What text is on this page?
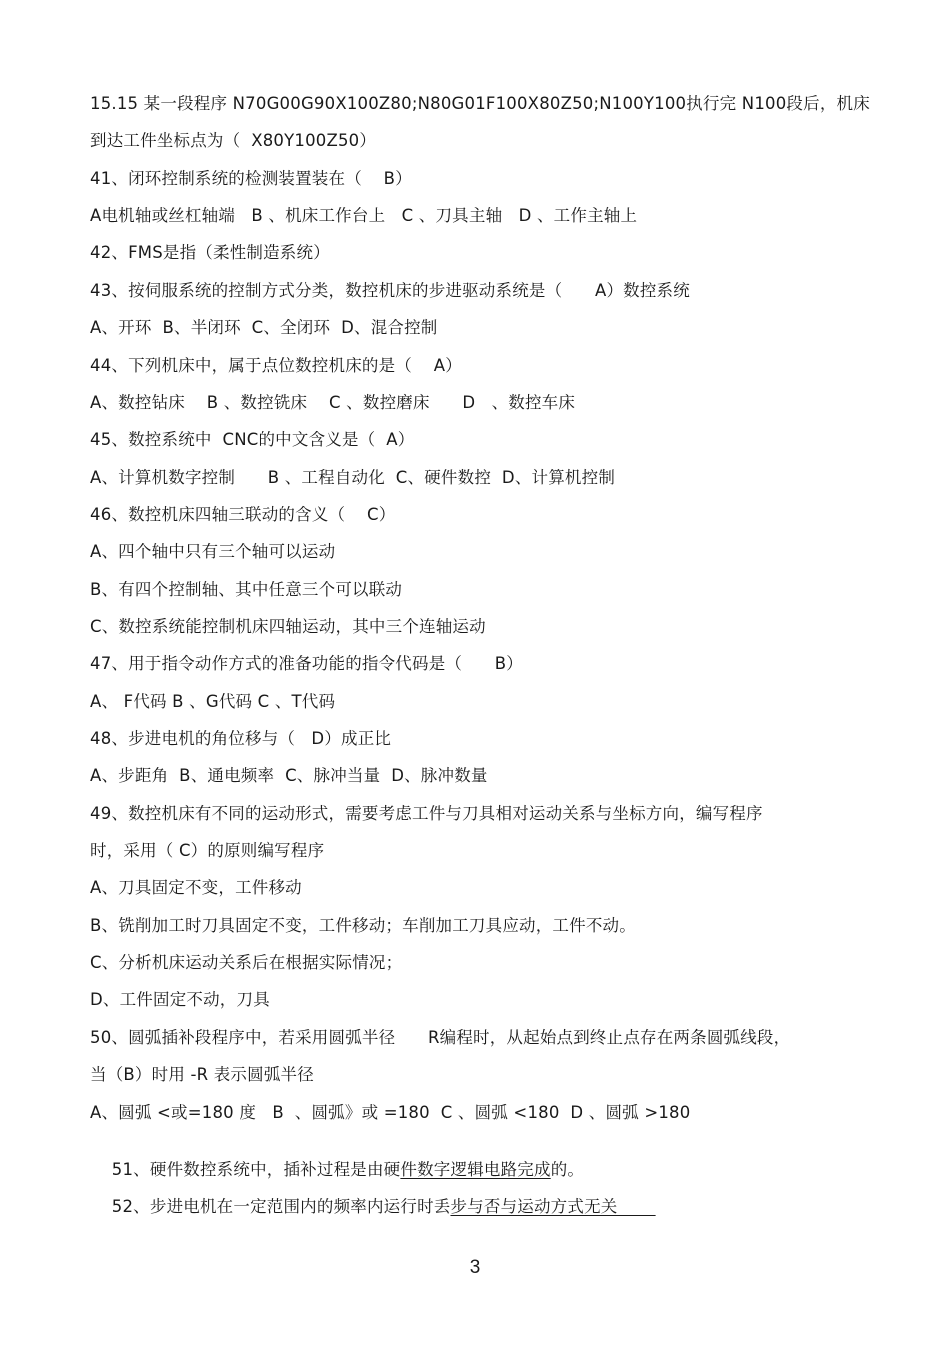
15.15 某一段程序 N70G00G90X100Z80;N80G01F100X80Z50;N100Y100执行完 N100段后，机床
到达工件坐标点为（  X80Y100Z50）
41、闭环控制系统的检测装置装在（    B）
A电机轴或丝杠轴端   B 、机床工作台上   C 、刀具主轴   D 、工作主轴上
42、FMS是指（柔性制造系统）
43、按伺服系统的控制方式分类，数控机床的步进驱动系统是（      A）数控系统
A、开环  B、半闭环  C、全闭环  D、混合控制
44、下列机床中，属于点位数控机床的是（    A）
A、数控钻床    B 、数控铣床    C 、数控磨床      D   、数控车床
45、数控系统中  CNC的中文含义是（  A）
A、计算机数字控制      B 、工程自动化  C、硬件数控  D、计算机控制
46、数控机床四轴三联动的含义（    C）
A、四个轴中只有三个轴可以运动
B、有四个控制轴、其中任意三个可以联动
C、数控系统能控制机床四轴运动，其中三个连轴运动
47、用于指令动作方式的准备功能的指令代码是（      B）
A、 F代码 B 、G代码 C 、T代码
48、步进电机的角位移与（   D）成正比
A、步距角  B、通电频率  C、脉冲当量  D、脉冲数量
49、数控机床有不同的运动形式，需要考虑工件与刀具相对运动关系与坐标方向，编写程序
时，采用（ C）的原则编写程序
A、刀具固定不变，工件移动
B、铣削加工时刀具固定不变，工件移动；车削加工刀具应动，工件不动。
C、分析机床运动关系后在根据实际情况；
D、工件固定不动，刀具
50、圆弧插补段程序中，若采用圆弧半径      R编程时，从起始点到终止点存在两条圆弧线段，
当（B）时用 -R 表示圆弧半径
A、圆弧 <或=180 度   B  、圆弧》或 =180  C 、圆弧 <180  D 、圆弧 >180

51、硬件数控系统中，插补过程是由硬件数字逻辑电路完成的。

52、步进电机在一定范围内的频率内运行时丢步与否与运动方式无关

3
